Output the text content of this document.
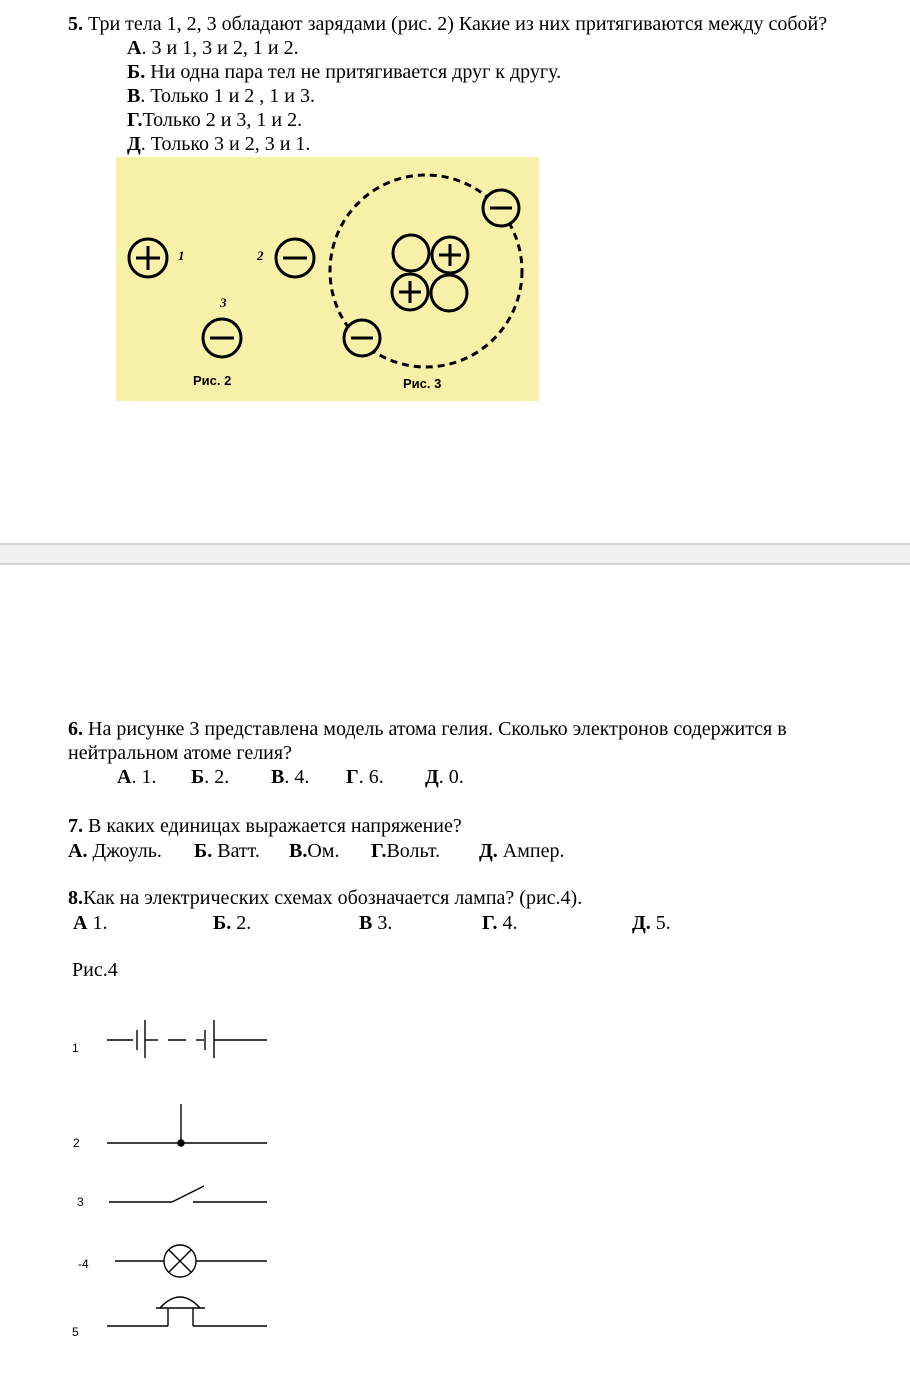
5. Три тела 1, 2, 3 обладают зарядами (рис. 2) Какие из них притягиваются между собой?
А. 3 и 1, 3 и 2, 1 и 2.
Б. Ни одна пара тел не притягивается друг к другу.
В. Только 1 и 2 , 1 и 3.
Г.Только 2 и 3, 1 и 2.
Д. Только 3 и 2, 3 и 1.
1	2
3
Рис. 2	Рис. 3
6. На рисунке 3 представлена модель атома гелия. Сколько электронов содержится в
нейтральном атоме гелия?
А. 1. Б. 2. В. 4. Г. 6. Д. 0.
7. В каких единицах выражается напряжение?
А. Джоуль. Б. Ватт. В.Ом. Г.Вольт. Д. Ампер.
8.Как на электрических схемах обозначается лампа? (рис.4).
А 1.	Б. 2.	В 3.	Г. 4.	Д. 5.
Рис.4
1
2
3
-4
5
